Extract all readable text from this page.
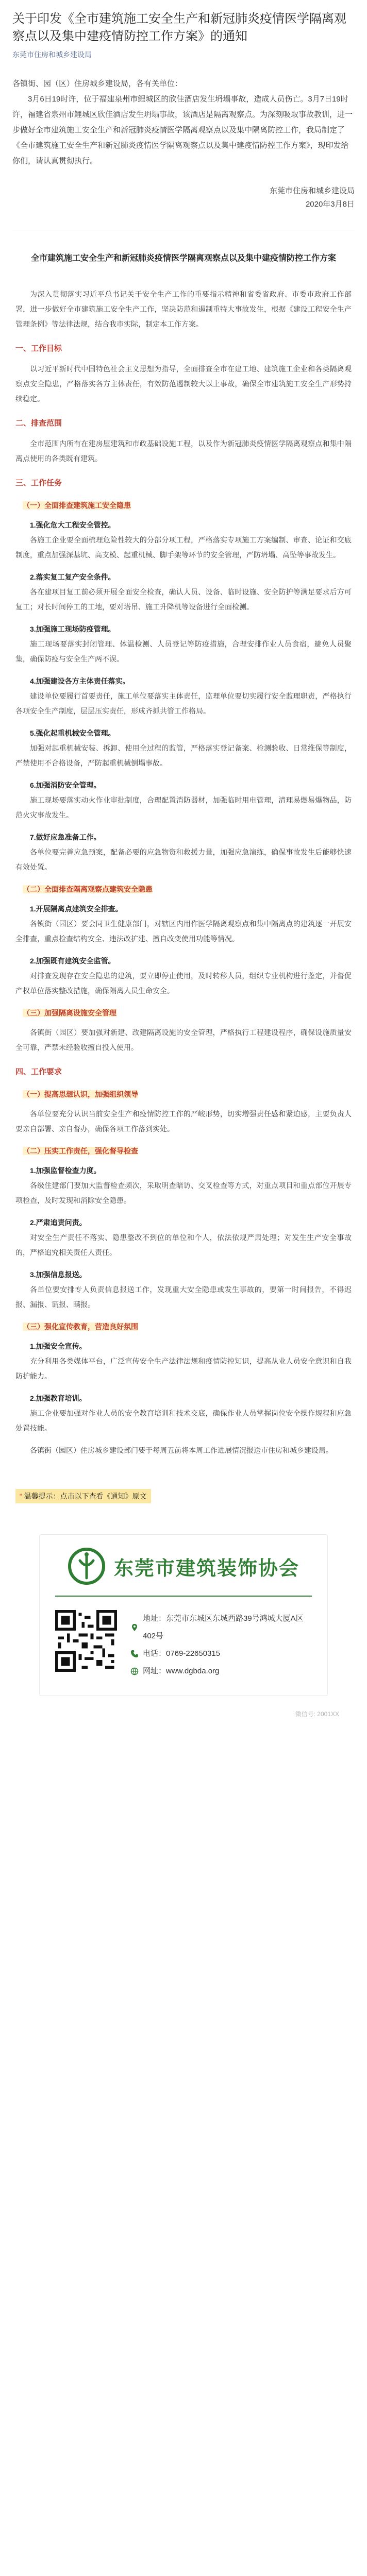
关于印发《全市建筑施工安全生产和新冠肺炎疫情医学隔离观察点以及集中建疫情防控工作方案》的通知
东莞市住房和城乡建设局
各镇街、园（区）住房城乡建设局，各有关单位：
3月6日19时许，位于福建泉州市鲤城区的欣佳酒店发生坍塌事故，造成人员伤亡。3月7日19时许，福建省泉州市鲤城区欣佳酒店发生坍塌事故，该酒店是隔离观察点。为深刻吸取事故教训，进一步做好全市建筑施工安全生产和新冠肺炎疫情医学隔离观察点以及集中隔离防控工作，我局制定了《全市建筑施工安全生产和新冠肺炎疫情医学隔离观察点以及集中建疫情防控工作方案》，现印发给你们，请认真贯彻执行。
东莞市住房和城乡建设局
2020年3月8日
全市建筑施工安全生产和新冠肺炎疫情医学隔离观察点以及集中建疫情防控工作方案

为深入贯彻落实习近平总书记关于安全生产工作的重要指示精神和省委省政府、市委市政府工作部署，进一步做好全市建筑施工安全生产工作，坚决防范和遏制重特大事故发生，根据《建设工程安全生产管理条例》等法律法规，结合我市实际，制定本工作方案。

一、工作目标

以习近平新时代中国特色社会主义思想为指导，全面排查全市在建工地、建筑施工企业和各类隔离观察点安全隐患，严格落实各方主体责任，有效防范遏制较大以上事故，确保全市建筑施工安全生产形势持续稳定。

二、排查范围

全市范围内所有在建房屋建筑和市政基础设施工程，以及作为新冠肺炎疫情医学隔离观察点和集中隔离点使用的各类既有建筑。

三、工作任务
（一）全面排查建筑施工安全隐患
1.强化危大工程安全管控。

各施工企业要全面梳理危险性较大的分部分项工程，严格落实专项施工方案编制、审查、论证和交底制度，重点加强深基坑、高支模、起重机械、脚手架等环节的安全管理，严防坍塌、高坠等事故发生。

2.落实复工复产安全条件。

各在建项目复工前必须开展全面安全检查，确认人员、设备、临时设施、安全防护等满足要求后方可复工；对长时间停工的工地，要对塔吊、施工升降机等设备进行全面检测。

3.加强施工现场防疫管理。

施工现场要落实封闭管理、体温检测、人员登记等防疫措施，合理安排作业人员食宿，避免人员聚集，确保防疫与安全生产两不误。

4.加强建设各方主体责任落实。

建设单位要履行首要责任，施工单位要落实主体责任，监理单位要切实履行安全监理职责，严格执行各项安全生产制度，层层压实责任，形成齐抓共管工作格局。

5.强化起重机械安全管理。

加强对起重机械安装、拆卸、使用全过程的监管，严格落实登记备案、检测验收、日常维保等制度，严禁使用不合格设备，严防起重机械倒塌事故。

6.加强消防安全管理。

施工现场要落实动火作业审批制度，合理配置消防器材，加强临时用电管理，清理易燃易爆物品，防范火灾事故发生。

7.做好应急准备工作。

各单位要完善应急预案，配备必要的应急物资和救援力量，加强应急演练，确保事故发生后能够快速有效处置。

（二）全面排查隔离观察点建筑安全隐患
1.开展隔离点建筑安全排查。

各镇街（园区）要会同卫生健康部门，对辖区内用作医学隔离观察点和集中隔离点的建筑逐一开展安全排查，重点检查结构安全、违法改扩建、擅自改变使用功能等情况。

2.加强既有建筑安全监管。

对排查发现存在安全隐患的建筑，要立即停止使用，及时转移人员，组织专业机构进行鉴定，并督促产权单位落实整改措施，确保隔离人员生命安全。

（三）加强隔离设施安全管理

各镇街（园区）要加强对新建、改建隔离设施的安全管理，严格执行工程建设程序，确保设施质量安全可靠，严禁未经验收擅自投入使用。

四、工作要求
（一）提高思想认识，加强组织领导

各单位要充分认识当前安全生产和疫情防控工作的严峻形势，切实增强责任感和紧迫感，主要负责人要亲自部署、亲自督办，确保各项工作落到实处。

（二）压实工作责任，强化督导检查
1.加强监督检查力度。

各级住建部门要加大监督检查频次，采取明查暗访、交叉检查等方式，对重点项目和重点部位开展专项检查，及时发现和消除安全隐患。

2.严肃追责问责。

对安全生产责任不落实、隐患整改不到位的单位和个人，依法依规严肃处理；对发生生产安全事故的，严格追究相关责任人责任。

3.加强信息报送。

各单位要安排专人负责信息报送工作，发现重大安全隐患或发生事故的，要第一时间报告，不得迟报、漏报、谎报、瞒报。

（三）强化宣传教育，营造良好氛围
1.加强安全宣传。

充分利用各类媒体平台，广泛宣传安全生产法律法规和疫情防控知识，提高从业人员安全意识和自我防护能力。

2.加强教育培训。

施工企业要加强对作业人员的安全教育培训和技术交底，确保作业人员掌握岗位安全操作规程和应急处置技能。

各镇街（园区）住房城乡建设部门要于每周五前将本周工作进展情况报送市住房和城乡建设局。

“ 温馨提示：点击以下查看《通知》原文
东莞市建筑装饰协会
地址：东莞市东城区东城西路39号鸿城大厦A区402号
电话：0769-22650315
网址：www.dgbda.org
微信号: 2001XX
